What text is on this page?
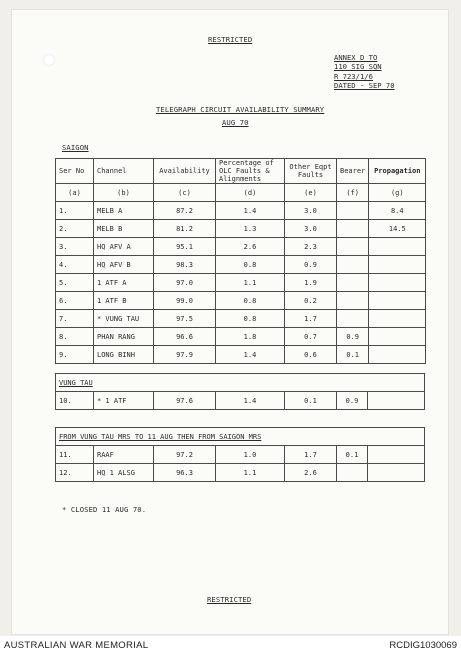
RESTRICTED
ANNEX D TO
110 SIG SQN
R 723/1/6
DATED - SEP 70
TELEGRAPH CIRCUIT AVAILABILITY SUMMARY
AUG 70
SAIGON
Ser No	Channel	Availability	Percentage of OLC Faults & Alignments	Other Eqpt Faults	Bearer	Propagation
(a)	(b)	(c)	(d)	(e)	(f)	(g)
1.	MELB A	87.2	1.4	3.0		8.4
2.	MELB B	81.2	1.3	3.0		14.5
3.	HQ AFV A	95.1	2.6	2.3		
4.	HQ AFV B	98.3	0.8	0.9		
5.	1 ATF A	97.0	1.1	1.9		
6.	1 ATF B	99.0	0.8	0.2		
7.	* VUNG TAU	97.5	0.8	1.7		
8.	PHAN RANG	96.6	1.8	0.7	0.9	
9.	LONG BINH	97.9	1.4	0.6	0.1	
VUNG TAU
10.	* 1 ATF	97.6	1.4	0.1	0.9	
FROM VUNG TAU MRS TO 11 AUG THEN FROM SAIGON MRS						
11.	RAAF	97.2	1.0	1.7	0.1	
12.	HQ 1 ALSG	96.3	1.1	2.6		
* CLOSED 11 AUG 70.
RESTRICTED
AUSTRALIAN WAR MEMORIAL	RCDIG1030069
